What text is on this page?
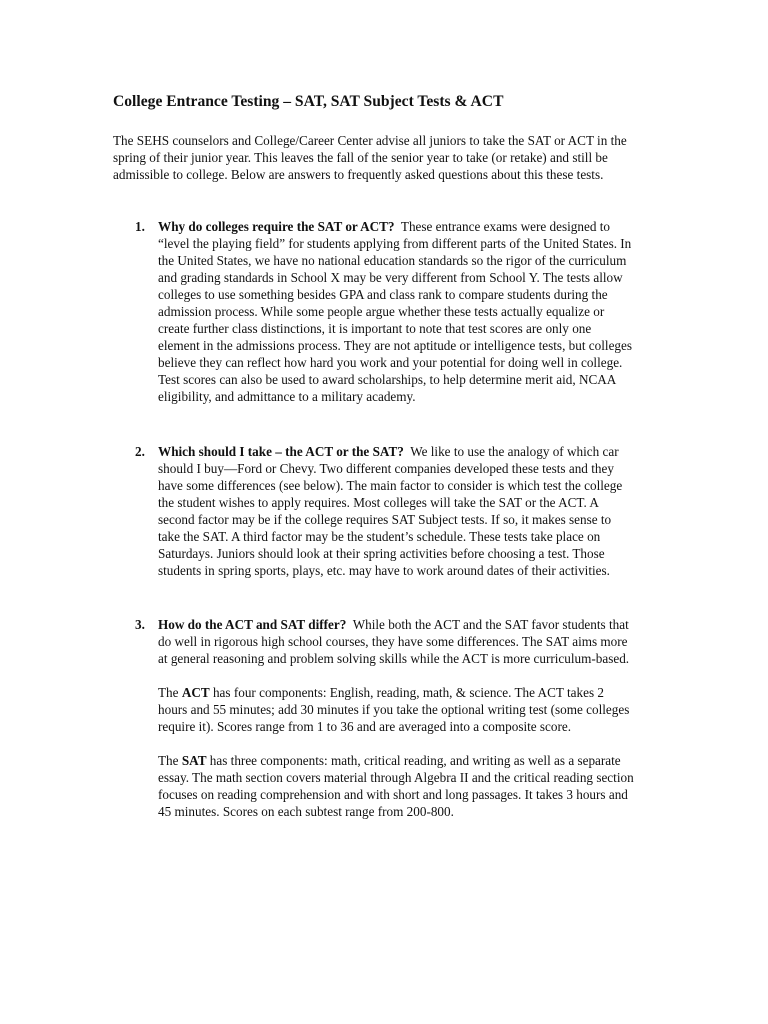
College Entrance Testing – SAT, SAT Subject Tests & ACT

The SEHS counselors and College/Career Center advise all juniors to take the SAT or ACT in the spring of their junior year. This leaves the fall of the senior year to take (or retake) and still be admissible to college. Below are answers to frequently asked questions about this these tests.

1. Why do colleges require the SAT or ACT? These entrance exams were designed to “level the playing field” for students applying from different parts of the United States. In the United States, we have no national education standards so the rigor of the curriculum and grading standards in School X may be very different from School Y. The tests allow colleges to use something besides GPA and class rank to compare students during the admission process. While some people argue whether these tests actually equalize or create further class distinctions, it is important to note that test scores are only one element in the admissions process. They are not aptitude or intelligence tests, but colleges believe they can reflect how hard you work and your potential for doing well in college. Test scores can also be used to award scholarships, to help determine merit aid, NCAA eligibility, and admittance to a military academy.

2. Which should I take – the ACT or the SAT? We like to use the analogy of which car should I buy—Ford or Chevy. Two different companies developed these tests and they have some differences (see below). The main factor to consider is which test the college the student wishes to apply requires. Most colleges will take the SAT or the ACT. A second factor may be if the college requires SAT Subject tests. If so, it makes sense to take the SAT. A third factor may be the student’s schedule. These tests take place on Saturdays. Juniors should look at their spring activities before choosing a test. Those students in spring sports, plays, etc. may have to work around dates of their activities.

3. How do the ACT and SAT differ? While both the ACT and the SAT favor students that do well in rigorous high school courses, they have some differences. The SAT aims more at general reasoning and problem solving skills while the ACT is more curriculum-based.

The ACT has four components: English, reading, math, & science. The ACT takes 2 hours and 55 minutes; add 30 minutes if you take the optional writing test (some colleges require it). Scores range from 1 to 36 and are averaged into a composite score.

The SAT has three components: math, critical reading, and writing as well as a separate essay. The math section covers material through Algebra II and the critical reading section focuses on reading comprehension and with short and long passages. It takes 3 hours and 45 minutes. Scores on each subtest range from 200-800.
